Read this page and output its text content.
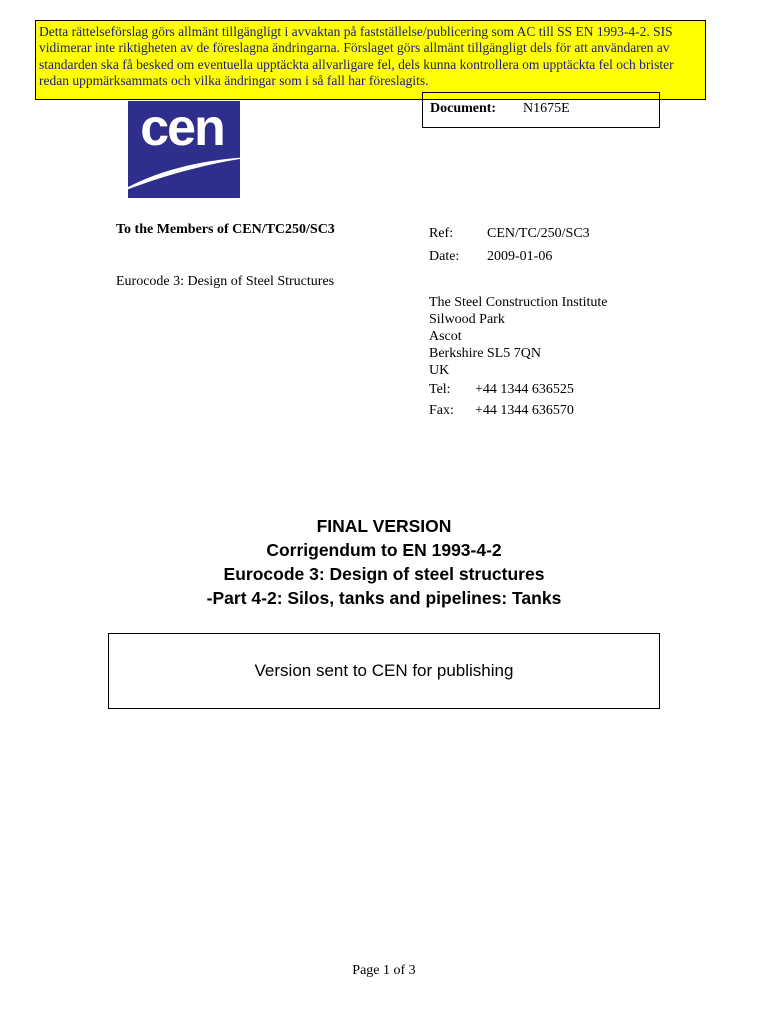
Detta rättelseförslag görs allmänt tillgängligt i avvaktan på fastställelse/publicering som AC till SS EN 1993-4-2. SIS
vidimerar inte riktigheten av de föreslagna ändringarna. Förslaget görs allmänt tillgängligt dels för att användaren av
standarden ska få besked om eventuella upptäckta allvarligare fel, dels kunna kontrollera om upptäckta fel och brister
redan uppmärksammats och vilka ändringar som i så fall har föreslagits.
Document: N1675E
cen
To the Members of CEN/TC250/SC3
Eurocode 3: Design of Steel Structures
Ref: CEN/TC/250/SC3
Date: 2009-01-06
The Steel Construction Institute
Silwood Park
Ascot
Berkshire SL5 7QN
UK
Tel: +44 1344 636525
Fax: +44 1344 636570
FINAL VERSION
Corrigendum to EN 1993-4-2
Eurocode 3: Design of steel structures
-Part 4-2: Silos, tanks and pipelines: Tanks
Version sent to CEN for publishing
Page 1 of 3
